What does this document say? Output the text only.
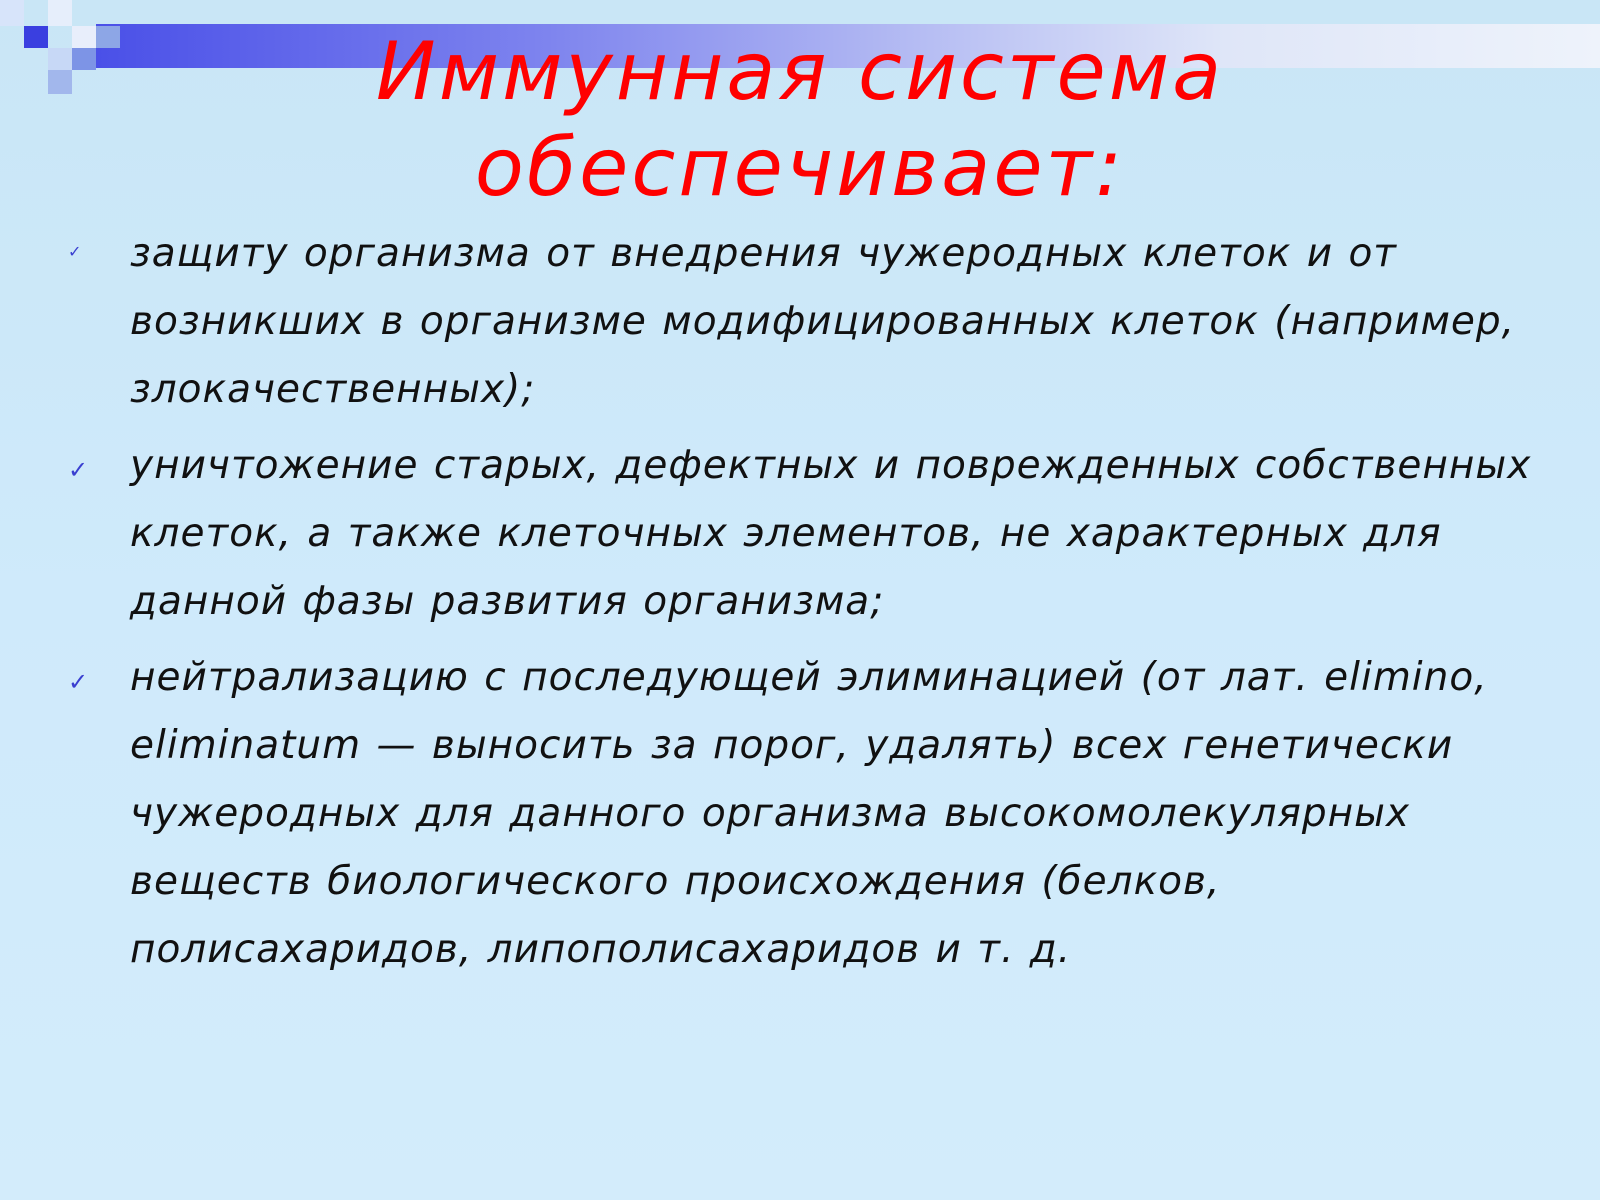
Иммунная система обеспечивает:
✓ защиту организма от внедрения чужеродных клеток и от возникших в организме модифицированных клеток (например, злокачественных);
✓ уничтожение старых, дефектных и поврежденных собственных клеток, а также клеточных элементов, не характерных для данной фазы развития организма;
✓ нейтрализацию с последующей элиминацией (от лат. elimino, eliminatum — выносить за порог, удалять) всех генетически чужеродных для данного организма высокомолекулярных веществ биологического происхождения (белков, полисахаридов, липополисахаридов и т. д.
